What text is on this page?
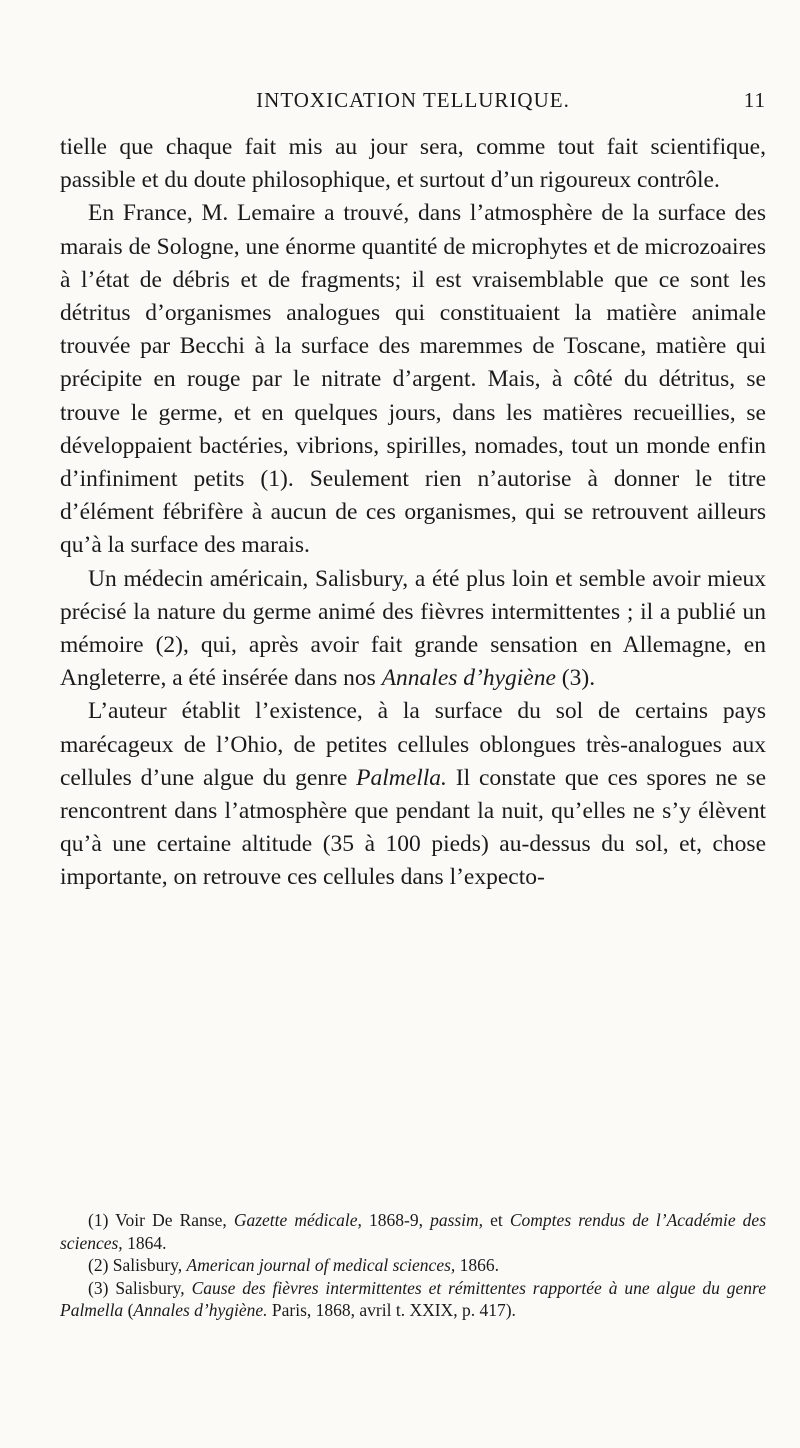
INTOXICATION TELLURIQUE.	11

tielle que chaque fait mis au jour sera, comme tout fait scientifique, passible et du doute philosophique, et surtout d’un rigoureux contrôle.

En France, M. Lemaire a trouvé, dans l’atmosphère de la surface des marais de Sologne, une énorme quantité de microphytes et de microzoaires à l’état de débris et de fragments; il est vraisemblable que ce sont les détritus d’organismes analogues qui constituaient la matière animale trouvée par Becchi à la surface des maremmes de Toscane, matière qui précipite en rouge par le nitrate d’argent. Mais, à côté du détritus, se trouve le germe, et en quelques jours, dans les matières recueillies, se développaient bactéries, vibrions, spirilles, nomades, tout un monde enfin d’infiniment petits (1). Seulement rien n’autorise à donner le titre d’élément fébrifère à aucun de ces organismes, qui se retrouvent ailleurs qu’à la surface des marais.

Un médecin américain, Salisbury, a été plus loin et semble avoir mieux précisé la nature du germe animé des fièvres intermittentes ; il a publié un mémoire (2), qui, après avoir fait grande sensation en Allemagne, en Angleterre, a été insérée dans nos Annales d’hygiène (3).

L’auteur établit l’existence, à la surface du sol de certains pays marécageux de l’Ohio, de petites cellules oblongues très-analogues aux cellules d’une algue du genre Palmella. Il constate que ces spores ne se rencontrent dans l’atmosphère que pendant la nuit, qu’elles ne s’y élèvent qu’à une certaine altitude (35 à 100 pieds) au-dessus du sol, et, chose importante, on retrouve ces cellules dans l’expecto-

(1) Voir De Ranse, Gazette médicale, 1868-9, passim, et Comptes rendus de l’Académie des sciences, 1864.

(2) Salisbury, American journal of medical sciences, 1866.

(3) Salisbury, Cause des fièvres intermittentes et rémittentes rapportée à une algue du genre Palmella (Annales d’hygiène. Paris, 1868, avril t. XXIX, p. 417).
